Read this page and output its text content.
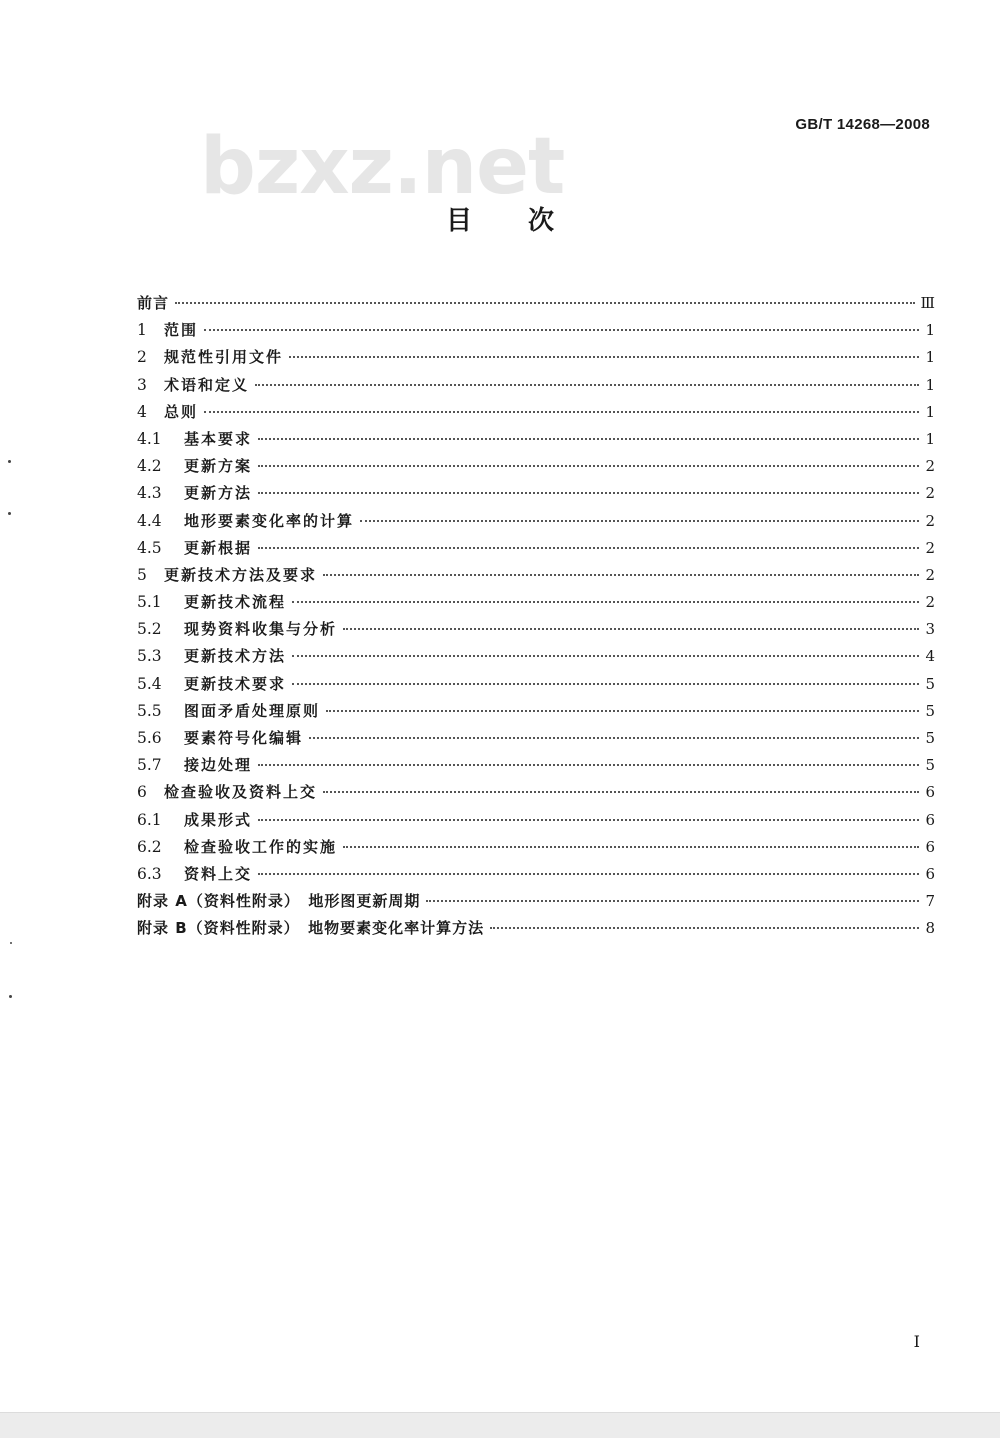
GB/T 14268—2008
bzxz.net
目 次
前言	Ⅲ
1	范围	1
2	规范性引用文件	1
3	术语和定义	1
4	总则	1
4.1	基本要求	1
4.2	更新方案	2
4.3	更新方法	2
4.4	地形要素变化率的计算	2
4.5	更新根据	2
5	更新技术方法及要求	2
5.1	更新技术流程	2
5.2	现势资料收集与分析	3
5.3	更新技术方法	4
5.4	更新技术要求	5
5.5	图面矛盾处理原则	5
5.6	要素符号化编辑	5
5.7	接边处理	5
6	检查验收及资料上交	6
6.1	成果形式	6
6.2	检查验收工作的实施	6
6.3	资料上交	6
附录 A（资料性附录）　地形图更新周期	7
附录 B（资料性附录）　地物要素变化率计算方法	8
I
